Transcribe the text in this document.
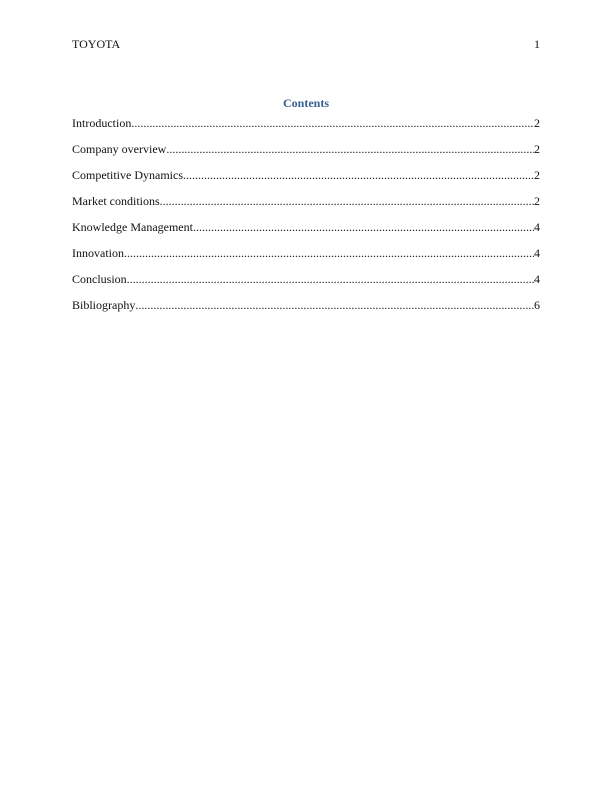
TOYOTA	1
Contents
Introduction .....	2
Company overview .....	2
Competitive Dynamics .....	2
Market conditions .....	2
Knowledge Management .....	4
Innovation .....	4
Conclusion .....	4
Bibliography .....	6
